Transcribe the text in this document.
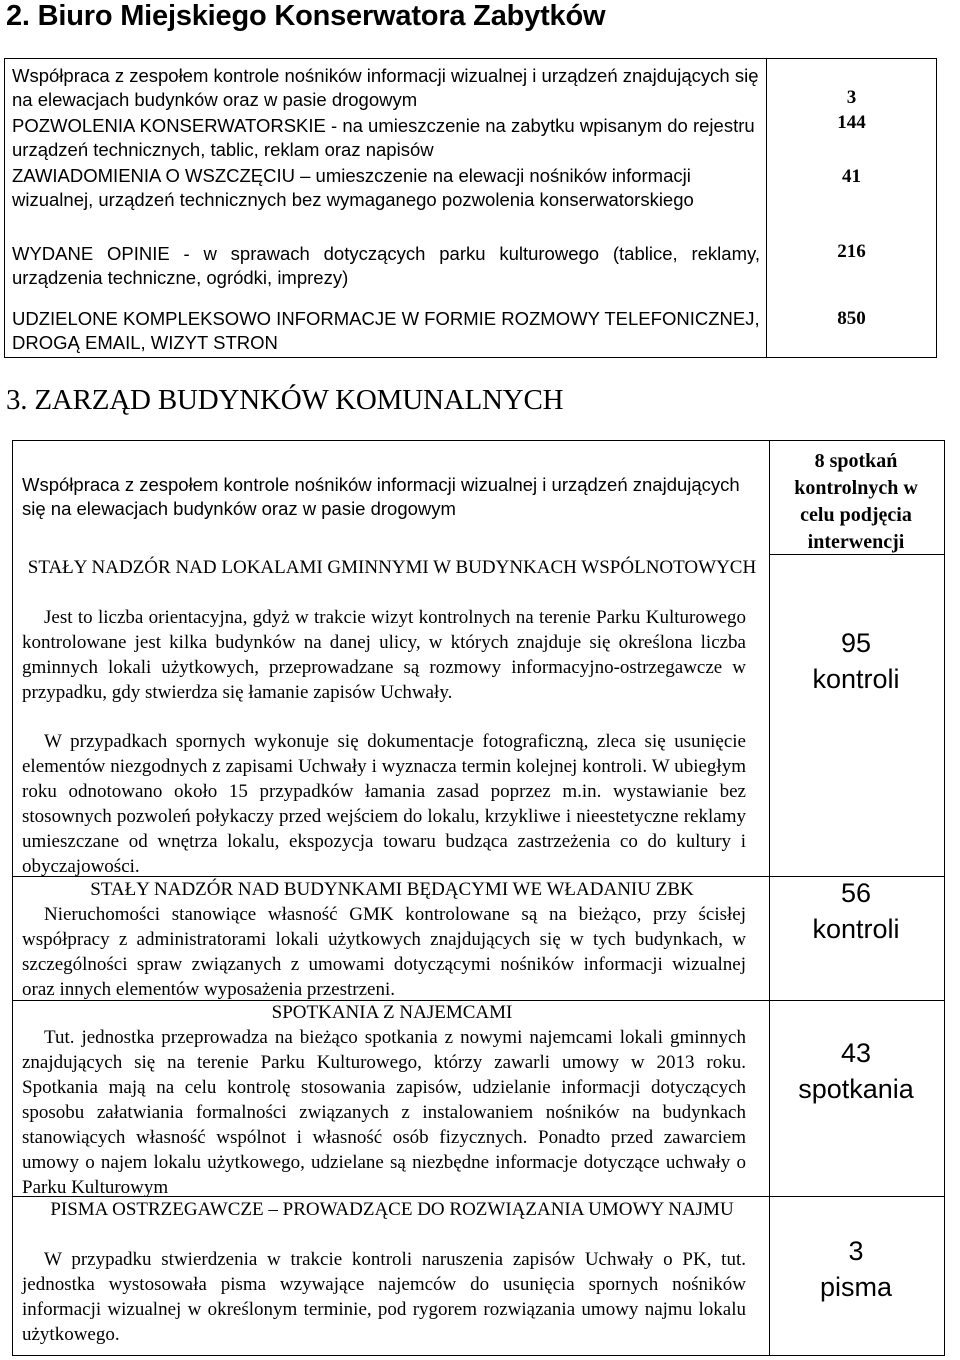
2. Biuro Miejskiego Konserwatora Zabytków
Współpraca z zespołem kontrole nośników informacji wizualnej i urządzeń znajdujących się na elewacjach budynków oraz w pasie drogowym	3
POZWOLENIA KONSERWATORSKIE - na umieszczenie na zabytku wpisanym do rejestru urządzeń technicznych, tablic, reklam oraz napisów
144
ZAWIADOMIENIA O WSZCZĘCIU – umieszczenie na elewacji nośników informacji wizualnej, urządzeń technicznych bez wymaganego pozwolenia konserwatorskiego
41
WYDANE OPINIE - w sprawach dotyczących parku kulturowego (tablice, reklamy, urządzenia techniczne, ogródki, imprezy)
216
UDZIELONE KOMPLEKSOWO INFORMACJE W FORMIE ROZMOWY TELEFONICZNEJ, DROGĄ EMAIL, WIZYT STRON
850
3. ZARZĄD BUDYNKÓW KOMUNALNYCH
Współpraca z zespołem kontrole nośników informacji wizualnej i urządzeń znajdujących się na elewacjach budynków oraz w pasie drogowym
8 spotkań kontrolnych w celu podjęcia interwencji
STAŁY NADZÓR NAD LOKALAMI GMINNYMI W BUDYNKACH WSPÓLNOTOWYCH
Jest to liczba orientacyjna, gdyż w trakcie wizyt kontrolnych na terenie Parku Kulturowego kontrolowane jest kilka budynków na danej ulicy, w których znajduje się określona liczba gminnych lokali użytkowych, przeprowadzane są rozmowy informacyjno-ostrzegawcze w przypadku, gdy stwierdza się łamanie zapisów Uchwały.
W przypadkach spornych wykonuje się dokumentacje fotograficzną, zleca się usunięcie elementów niezgodnych z zapisami Uchwały i wyznacza termin kolejnej kontroli. W ubiegłym roku odnotowano około 15 przypadków łamania zasad poprzez m.in. wystawianie bez stosownych pozwoleń połykaczy przed wejściem do lokalu, krzykliwe i nieestetyczne reklamy umieszczane od wnętrza lokalu, ekspozycja towaru budząca zastrzeżenia co do kultury i obyczajowości.
95
kontroli
STAŁY NADZÓR NAD BUDYNKAMI BĘDĄCYMI WE WŁADANIU ZBK
Nieruchomości stanowiące własność GMK kontrolowane są na bieżąco, przy ścisłej współpracy z administratorami lokali użytkowych znajdujących się w tych budynkach, w szczególności spraw związanych z umowami dotyczącymi nośników informacji wizualnej oraz innych elementów wyposażenia przestrzeni.
56
kontroli
SPOTKANIA Z NAJEMCAMI
Tut. jednostka przeprowadza na bieżąco spotkania z nowymi najemcami lokali gminnych znajdujących się na terenie Parku Kulturowego, którzy zawarli umowy w 2013 roku. Spotkania mają na celu kontrolę stosowania zapisów, udzielanie informacji dotyczących sposobu załatwiania formalności związanych z instalowaniem nośników na budynkach stanowiących własność wspólnot i własność osób fizycznych. Ponadto przed zawarciem umowy o najem lokalu użytkowego, udzielane są niezbędne informacje dotyczące uchwały o Parku Kulturowym
43
spotkania
PISMA OSTRZEGAWCZE – PROWADZĄCE DO ROZWIĄZANIA UMOWY NAJMU
W przypadku stwierdzenia w trakcie kontroli naruszenia zapisów Uchwały o PK, tut. jednostka wystosowała pisma wzywające najemców do usunięcia spornych nośników informacji wizualnej w określonym terminie, pod rygorem rozwiązania umowy najmu lokalu użytkowego.
3
pisma
